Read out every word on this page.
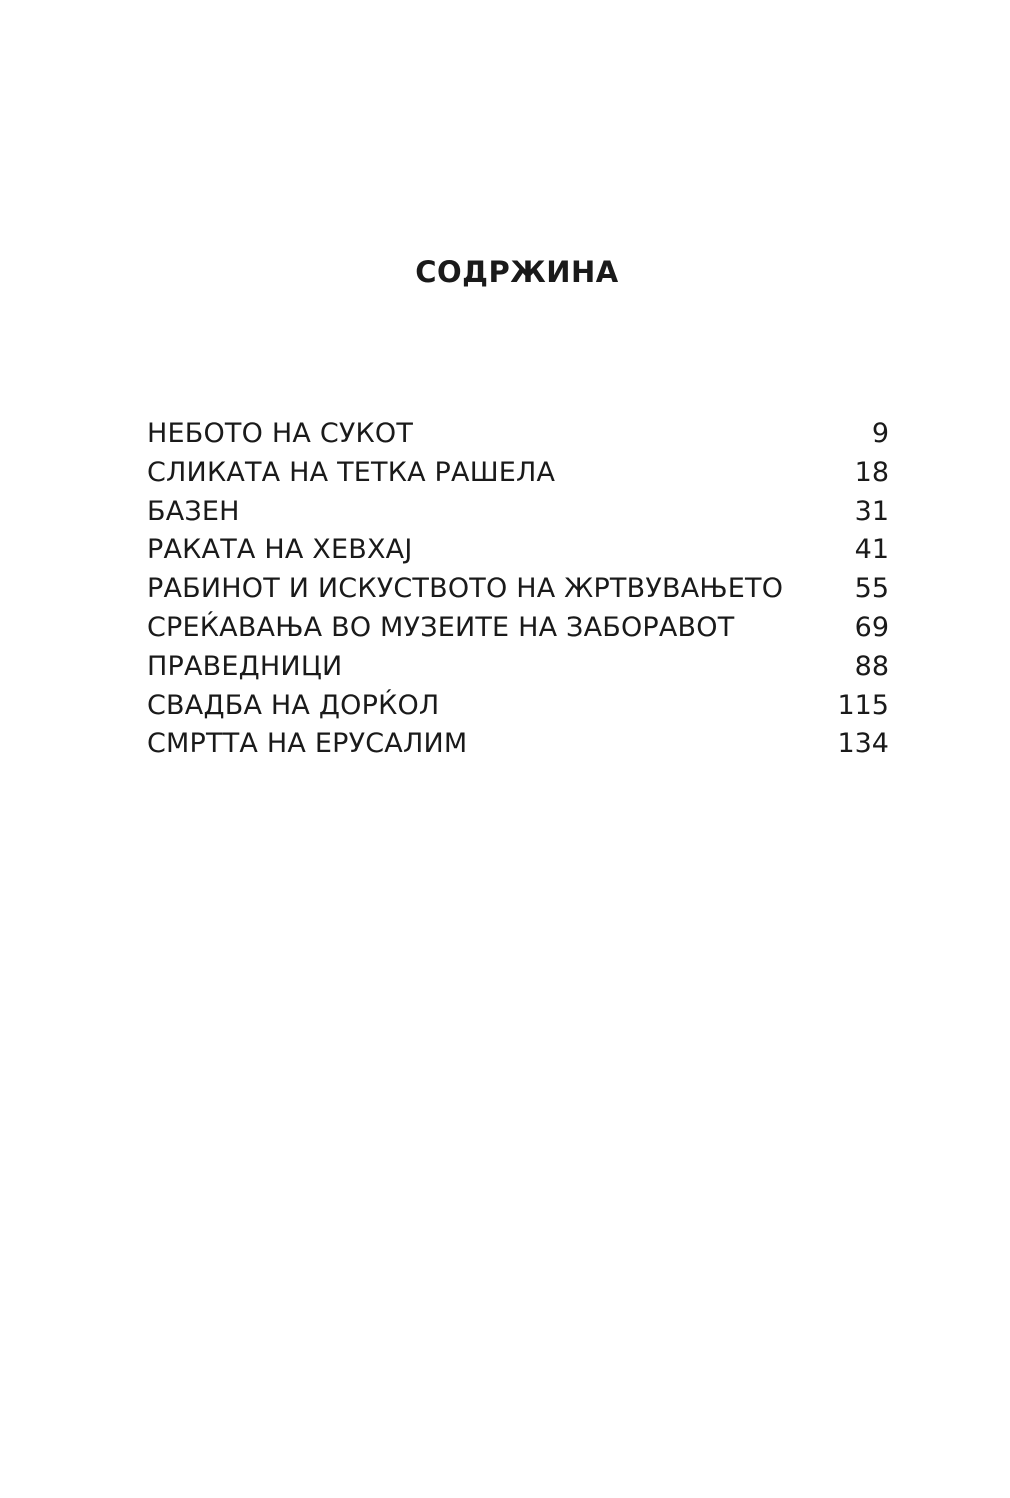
СОДРЖИНА
НЕБОТО НА СУКОТ	9
СЛИКАТА НА ТЕТКА РАШЕЛА	18
БАЗЕН	31
РАКАТА НА ХЕВХАЈ	41
РАБИНОТ И ИСКУСТВОТО НА ЖРТВУВАЊЕТО	55
СРЕЌАВАЊА ВО МУЗЕИТЕ НА ЗАБОРАВОТ	69
ПРАВЕДНИЦИ	88
СВАДБА НА ДОРЌОЛ	115
СМРТТА НА ЕРУСАЛИМ	134
